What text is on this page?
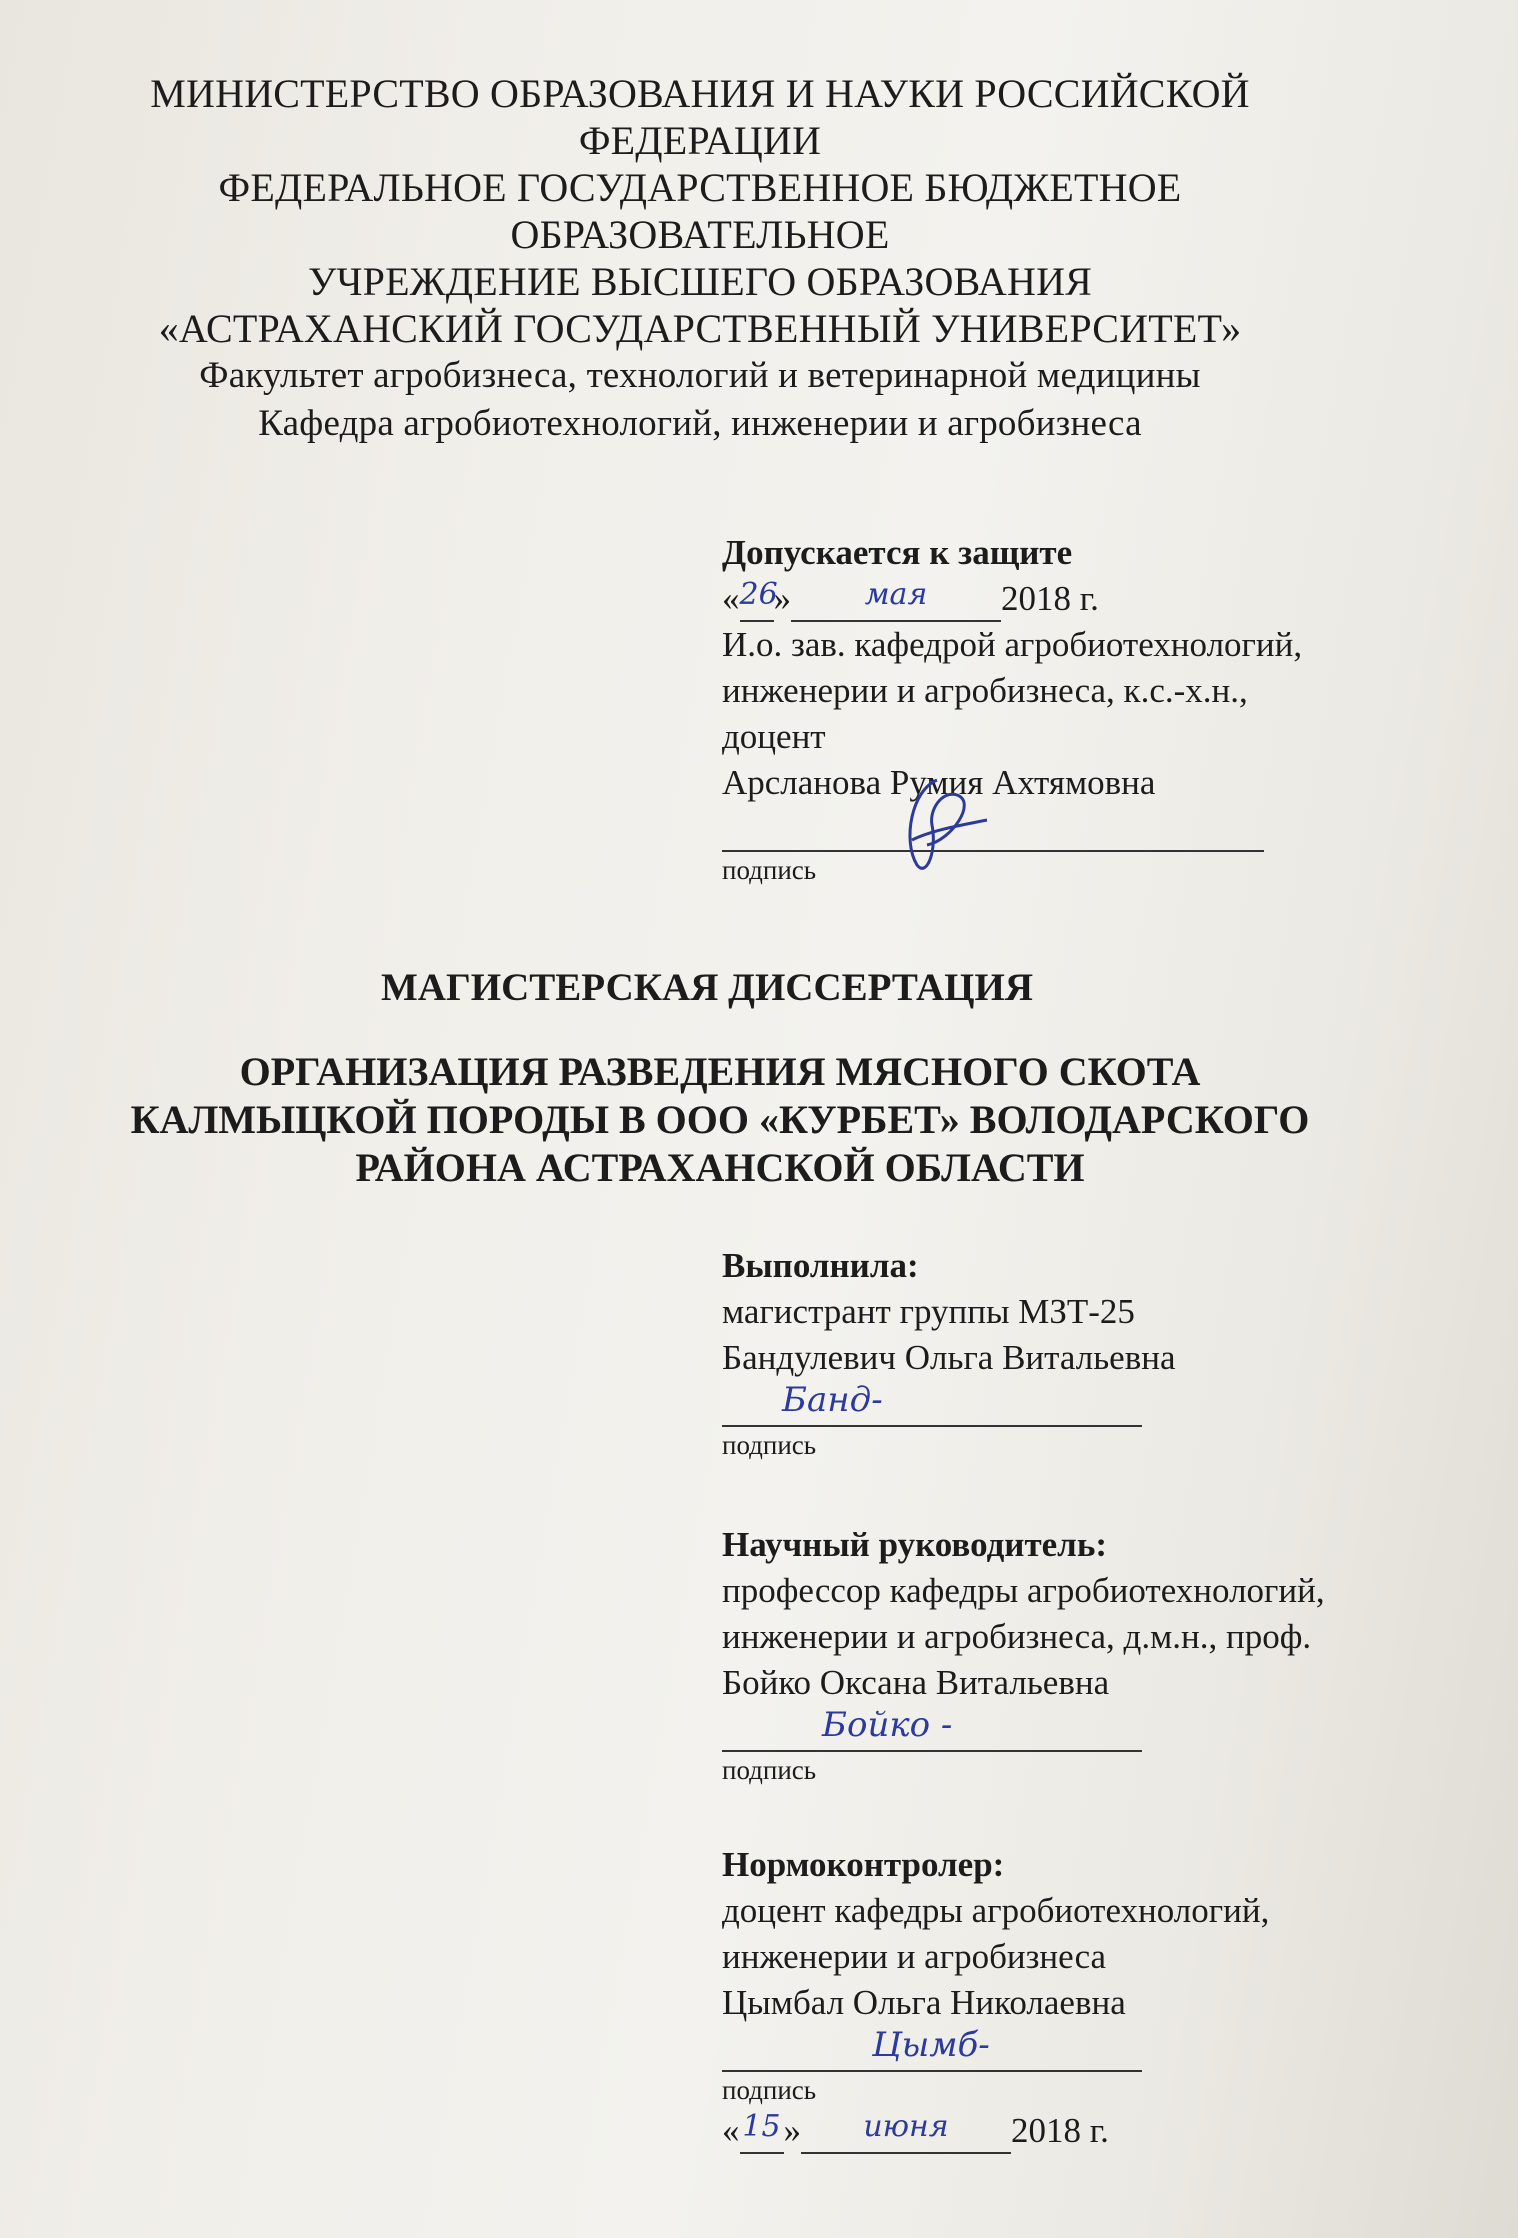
МИНИСТЕРСТВО ОБРАЗОВАНИЯ И НАУКИ РОССИЙСКОЙ
ФЕДЕРАЦИИ
ФЕДЕРАЛЬНОЕ ГОСУДАРСТВЕННОЕ БЮДЖЕТНОЕ
ОБРАЗОВАТЕЛЬНОЕ
УЧРЕЖДЕНИЕ ВЫСШЕГО ОБРАЗОВАНИЯ
«АСТРАХАНСКИЙ ГОСУДАРСТВЕННЫЙ УНИВЕРСИТЕТ»
Факультет агробизнеса, технологий и ветеринарной медицины
Кафедра агробиотехнологий, инженерии и агробизнеса
Допускается к защите
« 26
»	мая	2018 г.
И.о. зав. кафедрой агробиотехнологий,
инженерии и агробизнеса, к.с.-х.н.,
доцент
Арсланова Румия Ахтямовна
подпись
МАГИСТЕРСКАЯ ДИССЕРТАЦИЯ
ОРГАНИЗАЦИЯ РАЗВЕДЕНИЯ МЯСНОГО СКОТА
КАЛМЫЦКОЙ ПОРОДЫ В ООО «КУРБЕТ» ВОЛОДАРСКОГО
РАЙОНА АСТРАХАНСКОЙ ОБЛАСТИ
Выполнила:
магистрант группы МЗТ-25
Бандулевич Ольга Витальевна
Банд-
подпись
Научный руководитель:
профессор кафедры агробиотехнологий,
инженерии и агробизнеса, д.м.н., проф.
Бойко Оксана Витальевна
Бойко -
подпись
Нормоконтролер:
доцент кафедры агробиотехнологий,
инженерии и агробизнеса
Цымбал Ольга Николаевна
Цымб-
подпись
« 15 »	июня	2018 г.
